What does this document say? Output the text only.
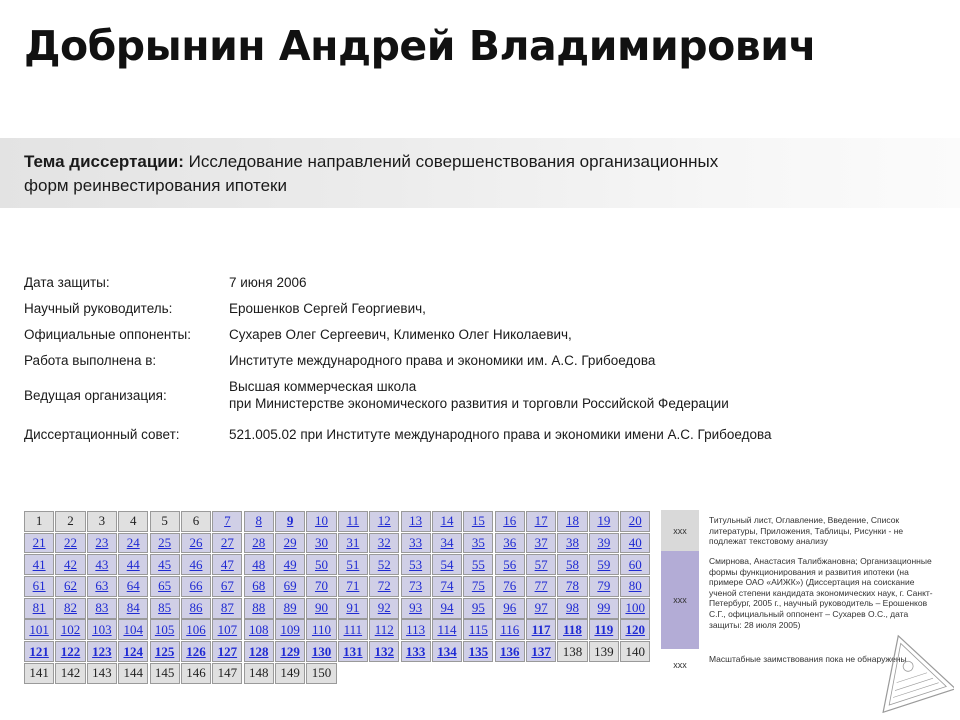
Добрынин Андрей Владимирович
Тема диссертации: Исследование направлений совершенствования организационных форм реинвестирования ипотеки
Дата защиты:	7 июня 2006
Научный руководитель:	Ерошенков Сергей Георгиевич,
Официальные оппоненты:	Сухарев Олег Сергеевич, Клименко Олег Николаевич,
Работа выполнена в:	Институте международного права и экономики им. А.С. Грибоедова
Ведущая организация:
Высшая коммерческая школа
при Министерстве экономического развития и торговли Российской Федерации
Диссертационный совет:	521.005.02 при Институте международного права и экономики имени А.С. Грибоедова
1	2	3	4	5	6	7	8	9	10	11	12	13	14	15	16	17	18	19	20
21	22	23	24	25	26	27	28	29	30	31	32	33	34	35	36	37	38	39	40
41	42	43	44	45	46	47	48	49	50	51	52	53	54	55	56	57	58	59	60
61	62	63	64	65	66	67	68	69	70	71	72	73	74	75	76	77	78	79	80
81	82	83	84	85	86	87	88	89	90	91	92	93	94	95	96	97	98	99	100
101 102 103 104 105 106 107 108 109 110 111 112 113 114 115 116 117 118 119 120
121 122 123 124 125 126 127 128 129 130 131 132 133 134 135 136 137 138 139 140
141 142 143 144 145 146 147 148 149 150
xxx
Титульный лист, Оглавление, Введение, Список литературы, Приложения, Таблицы, Рисунки - не подлежат текстовому анализу
xxx
Смирнова, Анастасия Талибжановна; Организационные формы функционирования и развития ипотеки (на примере ОАО «АИЖК») (Диссертация на соискание ученой степени кандидата экономических наук, г. Санкт-Петербург, 2005 г., научный руководитель – Ерошенков С.Г., официальный оппонент – Сухарев О.С., дата защиты: 28 июля 2005)
xxx
Масштабные заимствования пока не обнаружены
